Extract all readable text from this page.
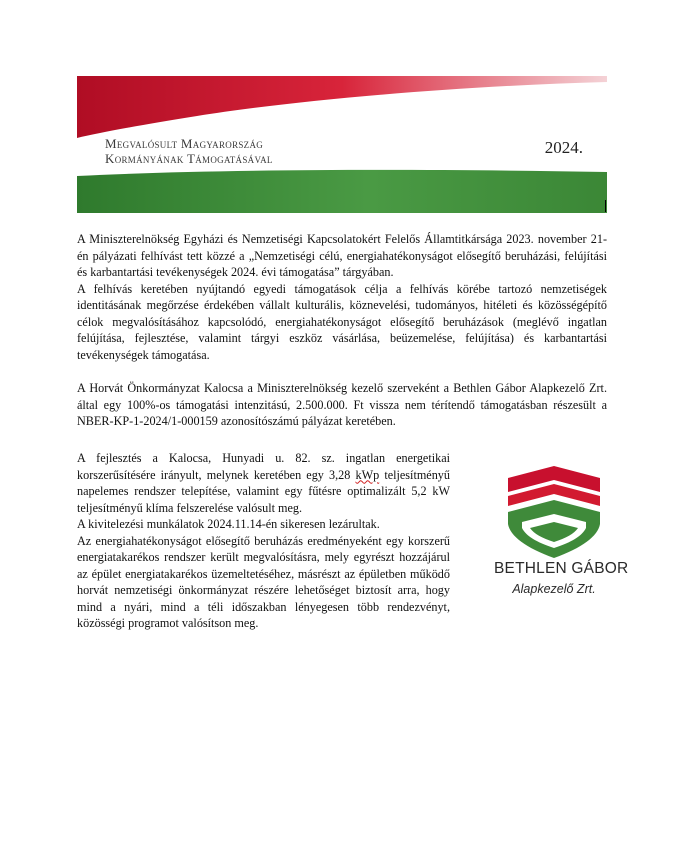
Megvalósult Magyarország
Kormányának Támogatásával
2024.

A Miniszterelnökség Egyházi és Nemzetiségi Kapcsolatokért Felelős Államtitkársága 2023. november 21-én pályázati felhívást tett közzé a „Nemzetiségi célú, energiahatékonyságot elősegítő beruházási, felújítási és karbantartási tevékenységek 2024. évi támogatása” tárgyában.

A felhívás keretében nyújtandó egyedi támogatások célja a felhívás körébe tartozó nemzetiségek identitásának megőrzése érdekében vállalt kulturális, köznevelési, tudományos, hitéleti és közösségépítő célok megvalósításához kapcsolódó, energiahatékonyságot elősegítő beruházások (meglévő ingatlan felújítása, fejlesztése, valamint tárgyi eszköz vásárlása, beüzemelése, felújítása) és karbantartási tevékenységek támogatása.

A Horvát Önkormányzat Kalocsa a Miniszterelnökség kezelő szerveként a Bethlen Gábor Alapkezelő Zrt. által egy 100%-os támogatási intenzitású, 2.500.000. Ft vissza nem térítendő támogatásban részesült a NBER-KP-1-2024/1-000159 azonosítószámú pályázat keretében.

A fejlesztés a Kalocsa, Hunyadi u. 82. sz. ingatlan energetikai korszerűsítésére irányult, melynek keretében egy 3,28 kWp teljesítményű napelemes rendszer telepítése, valamint egy fűtésre optimalizált 5,2 kW teljesítményű klíma felszerelése valósult meg.

A kivitelezési munkálatok 2024.11.14-én sikeresen lezárultak.

Az energiahatékonyságot elősegítő beruházás eredményeként egy korszerű energiatakarékos rendszer került megvalósításra, mely egyrészt hozzájárul az épület energiatakarékos üzemeltetéséhez, másrészt az épületben működő horvát nemzetiségi önkormányzat részére lehetőséget biztosít arra, hogy mind a nyári, mind a téli időszakban lényegesen több rendezvényt, közösségi programot valósítson meg.

BETHLEN GÁBOR
Alapkezelő Zrt.
